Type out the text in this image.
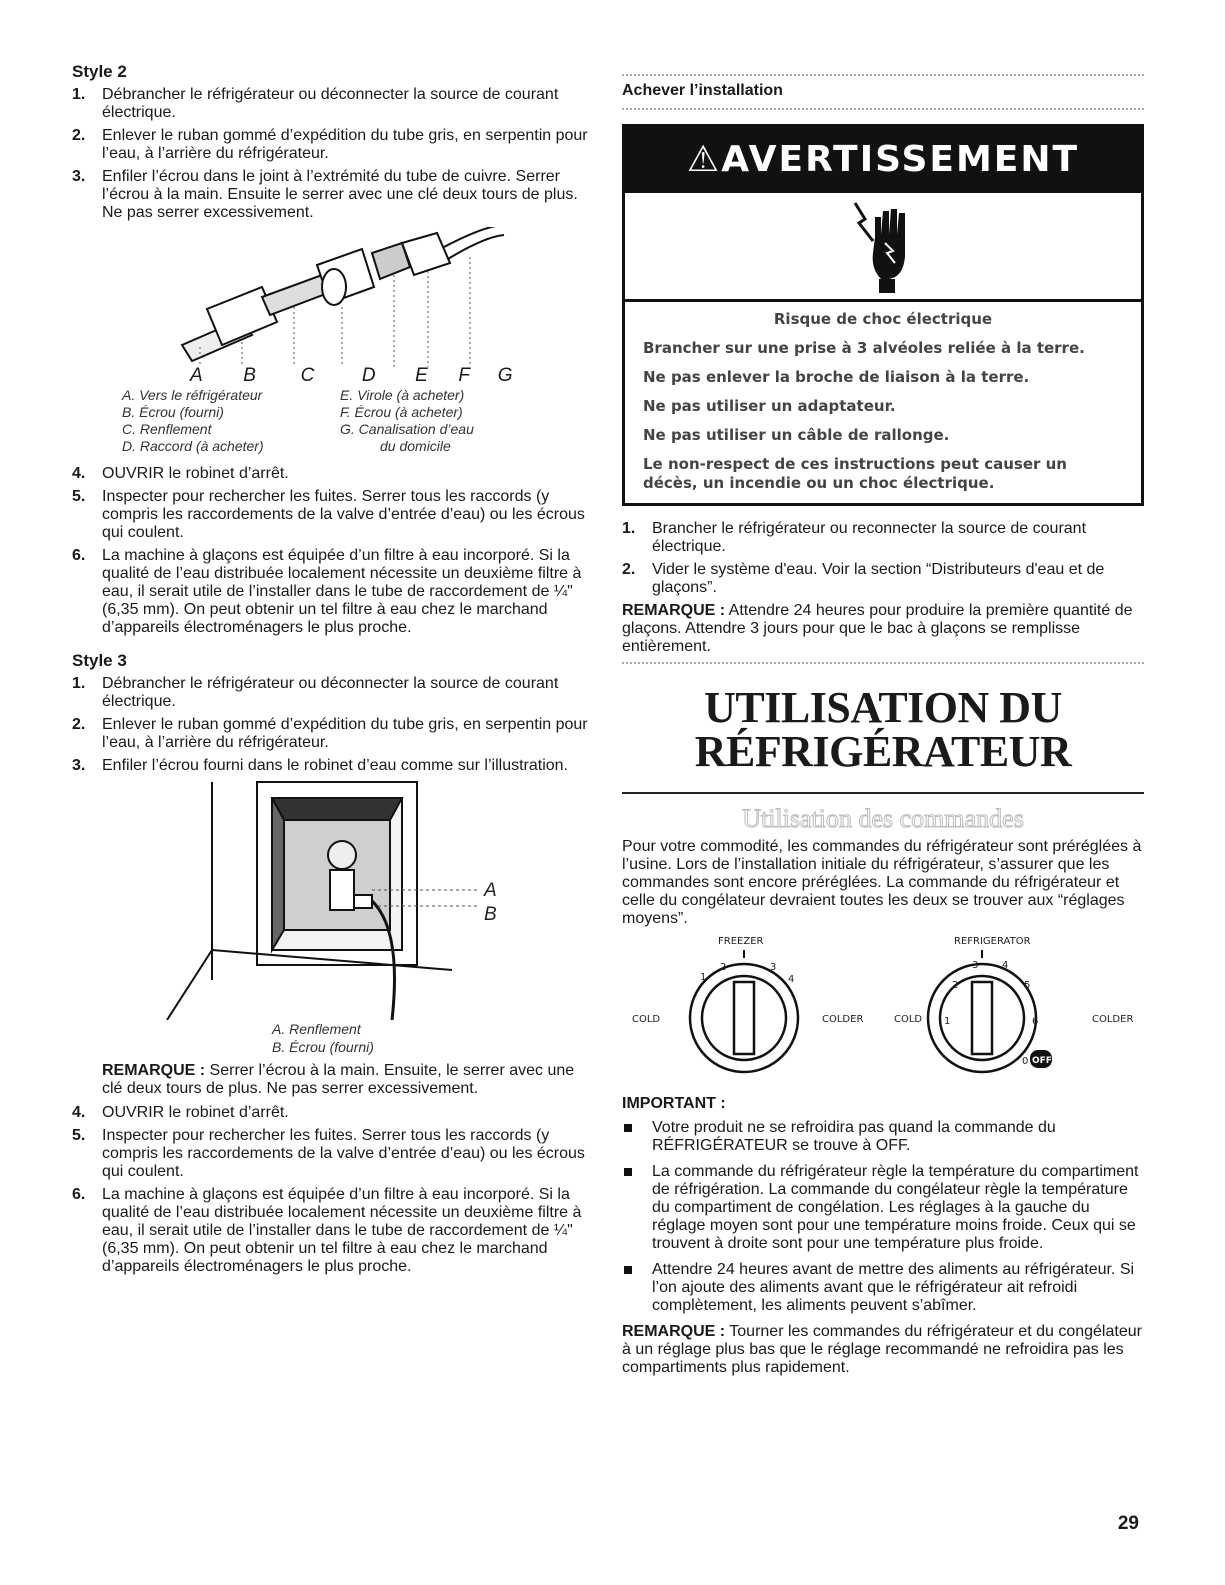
Style 2
1. Débrancher le réfrigérateur ou déconnecter la source de courant électrique.
2. Enlever le ruban gommé d’expédition du tube gris, en serpentin pour l’eau, à l’arrière du réfrigérateur.
3. Enfiler l’écrou dans le joint à l’extrémité du tube de cuivre. Serrer l’écrou à la main. Ensuite le serrer avec une clé deux tours de plus. Ne pas serrer excessivement.
A B C D E F G
A. Vers le réfrigérateur	E. Virole (à acheter)
B. Écrou (fourni)	F. Écrou (à acheter)
C. Renflement	G. Canalisation d’eau
D. Raccord (à acheter)	du domicile
4. OUVRIR le robinet d’arrêt.
5. Inspecter pour rechercher les fuites. Serrer tous les raccords (y compris les raccordements de la valve d’entrée d’eau) ou les écrous qui coulent.
6. La machine à glaçons est équipée d’un filtre à eau incorporé. Si la qualité de l’eau distribuée localement nécessite un deuxième filtre à eau, il serait utile de l’installer dans le tube de raccordement de ¼" (6,35 mm). On peut obtenir un tel filtre à eau chez le marchand d’appareils électroménagers le plus proche.
Style 3
1. Débrancher le réfrigérateur ou déconnecter la source de courant électrique.
2. Enlever le ruban gommé d’expédition du tube gris, en serpentin pour l’eau, à l’arrière du réfrigérateur.
3. Enfiler l’écrou fourni dans le robinet d’eau comme sur l’illustration.
A
B
A. Renflement
B. Écrou (fourni)

REMARQUE : Serrer l’écrou à la main. Ensuite, le serrer avec une clé deux tours de plus. Ne pas serrer excessivement.

4. OUVRIR le robinet d’arrêt.
5. Inspecter pour rechercher les fuites. Serrer tous les raccords (y compris les raccordements de la valve d’entrée d’eau) ou les écrous qui coulent.
6. La machine à glaçons est équipée d’un filtre à eau incorporé. Si la qualité de l’eau distribuée localement nécessite un deuxième filtre à eau, il serait utile de l’installer dans le tube de raccordement de ¼" (6,35 mm). On peut obtenir un tel filtre à eau chez le marchand d’appareils électroménagers le plus proche.
Achever l’installation
⚠AVERTISSEMENT

Risque de choc électrique

Brancher sur une prise à 3 alvéoles reliée à la terre.

Ne pas enlever la broche de liaison à la terre.

Ne pas utiliser un adaptateur.

Ne pas utiliser un câble de rallonge.

Le non-respect de ces instructions peut causer un décès, un incendie ou un choc électrique.

1. Brancher le réfrigérateur ou reconnecter la source de courant électrique.
2. Vider le système d'eau. Voir la section “Distributeurs d'eau et de glaçons”.

REMARQUE : Attendre 24 heures pour produire la première quantité de glaçons. Attendre 3 jours pour que le bac à glaçons se remplisse entièrement.

UTILISATION DU
RÉFRIGÉRATEUR
Utilisation des commandes

Pour votre commodité, les commandes du réfrigérateur sont préréglées à l’usine. Lors de l’installation initiale du réfrigérateur, s’assurer que les commandes sont encore préréglées. La commande du réfrigérateur et celle du congélateur devraient toutes les deux se trouver aux “réglages moyens”.

FREEZER	REFRIGERATOR
COLD	COLDER	COLD	COLDER
1
2	3
4
1
2
3 4
5
6
0 OFF
IMPORTANT :
Votre produit ne se refroidira pas quand la commande du RÉFRIGÉRATEUR se trouve à OFF.
La commande du réfrigérateur règle la température du compartiment de réfrigération. La commande du congélateur règle la température du compartiment de congélation. Les réglages à la gauche du réglage moyen sont pour une température moins froide. Ceux qui se trouvent à droite sont pour une température plus froide.
Attendre 24 heures avant de mettre des aliments au réfrigérateur. Si l’on ajoute des aliments avant que le réfrigérateur ait refroidi complètement, les aliments peuvent s’abîmer.

REMARQUE : Tourner les commandes du réfrigérateur et du congélateur à un réglage plus bas que le réglage recommandé ne refroidira pas les compartiments plus rapidement.

29
